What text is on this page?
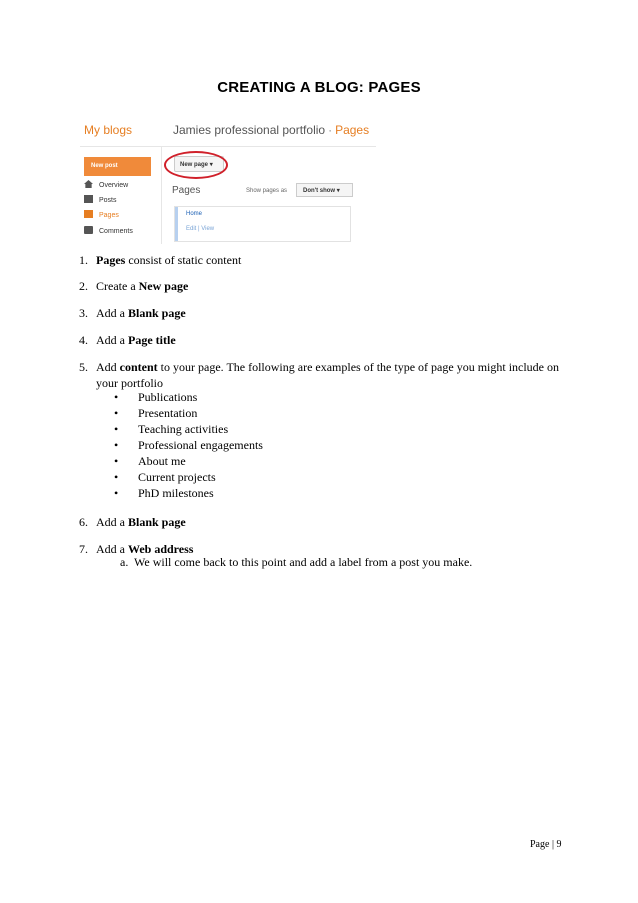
CREATING A BLOG: PAGES
My blogs	Jamies professional portfolio · Pages
New post
Overview
Posts
Pages
Comments
New page ▾
Pages	Show pages as	Don't show ▾
Home
Edit | View
1. Pages consist of static content
2. Create a New page
3. Add a Blank page
4. Add a Page title
5. Add content to your page. The following are examples of the type of page you might include on your portfolio
• Publications
• Presentation
• Teaching activities
• Professional engagements
• About me
• Current projects
• PhD milestones
6. Add a Blank page
7. Add a Web address
a. We will come back to this point and add a label from a post you make.
Page | 9
